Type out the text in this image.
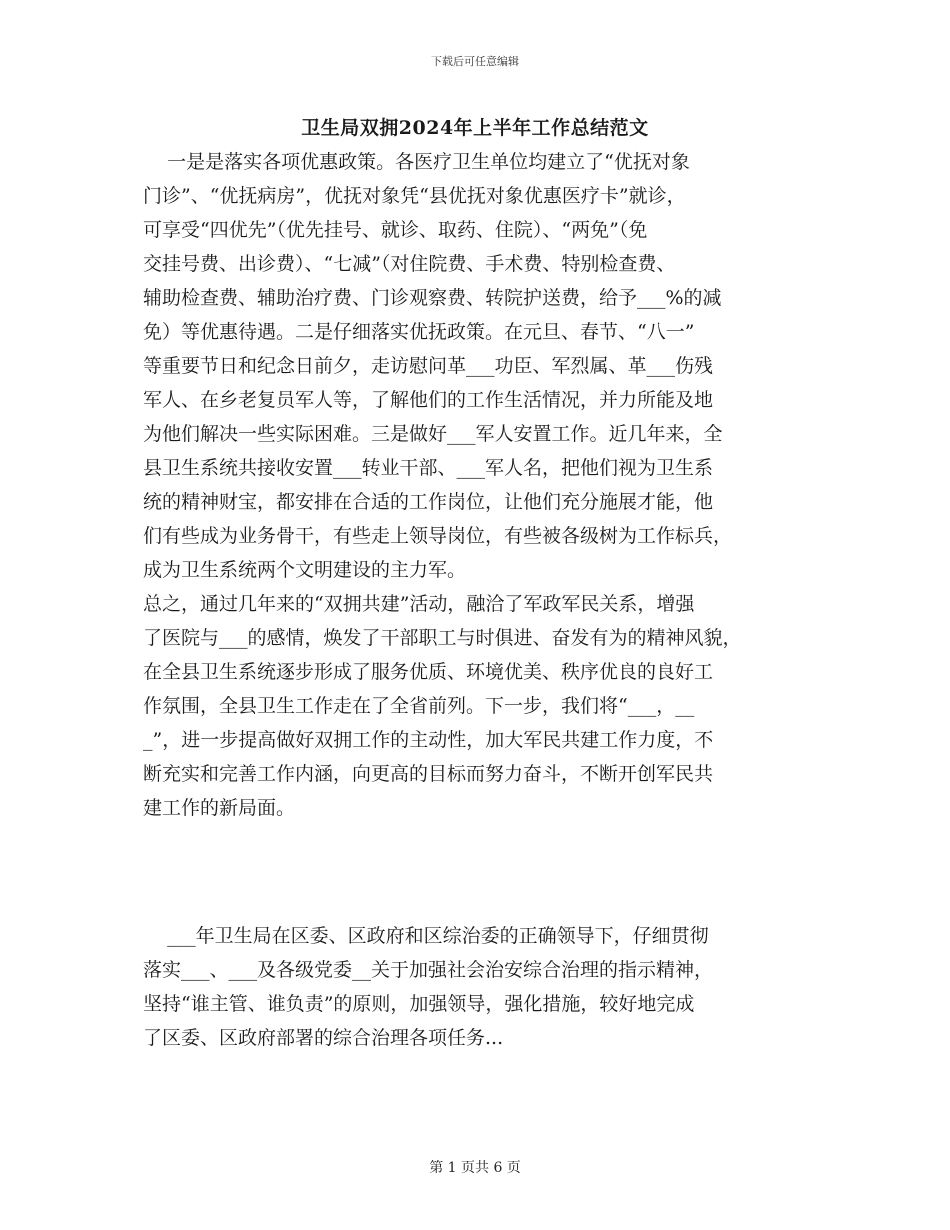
下载后可任意编辑
卫生局双拥2024年上半年工作总结范文
一是是落实各项优惠政策。各医疗卫生单位均建立了“优抚对象
门诊”、“优抚病房”，优抚对象凭“县优抚对象优惠医疗卡”就诊，
可享受“四优先”（优先挂号、就诊、取药、住院）、“两免”（免
交挂号费、出诊费）、“七减”（对住院费、手术费、特别检查费、
辅助检查费、辅助治疗费、门诊观察费、转院护送费，给予___%的减
免）等优惠待遇。二是仔细落实优抚政策。在元旦、春节、“八一”
等重要节日和纪念日前夕，走访慰问革___功臣、军烈属、革___伤残
军人、在乡老复员军人等，了解他们的工作生活情况，并力所能及地
为他们解决一些实际困难。三是做好___军人安置工作。近几年来，全
县卫生系统共接收安置___转业干部、___军人名，把他们视为卫生系
统的精神财宝，都安排在合适的工作岗位，让他们充分施展才能，他
们有些成为业务骨干，有些走上领导岗位，有些被各级树为工作标兵，
成为卫生系统两个文明建设的主力军。
总之，通过几年来的“双拥共建”活动，融洽了军政军民关系，增强
了医院与___的感情，焕发了干部职工与时俱进、奋发有为的精神风貌，
在全县卫生系统逐步形成了服务优质、环境优美、秩序优良的良好工
作氛围，全县卫生工作走在了全省前列。下一步，我们将“___，__
_”，进一步提高做好双拥工作的主动性，加大军民共建工作力度，不
断充实和完善工作内涵，向更高的目标而努力奋斗，不断开创军民共
建工作的新局面。
___年卫生局在区委、区政府和区综治委的正确领导下，仔细贯彻
落实___、___及各级党委__关于加强社会治安综合治理的指示精神，
坚持“谁主管、谁负责”的原则，加强领导，强化措施，较好地完成
了区委、区政府部署的综合治理各项任务...
第 1 页共 6 页
